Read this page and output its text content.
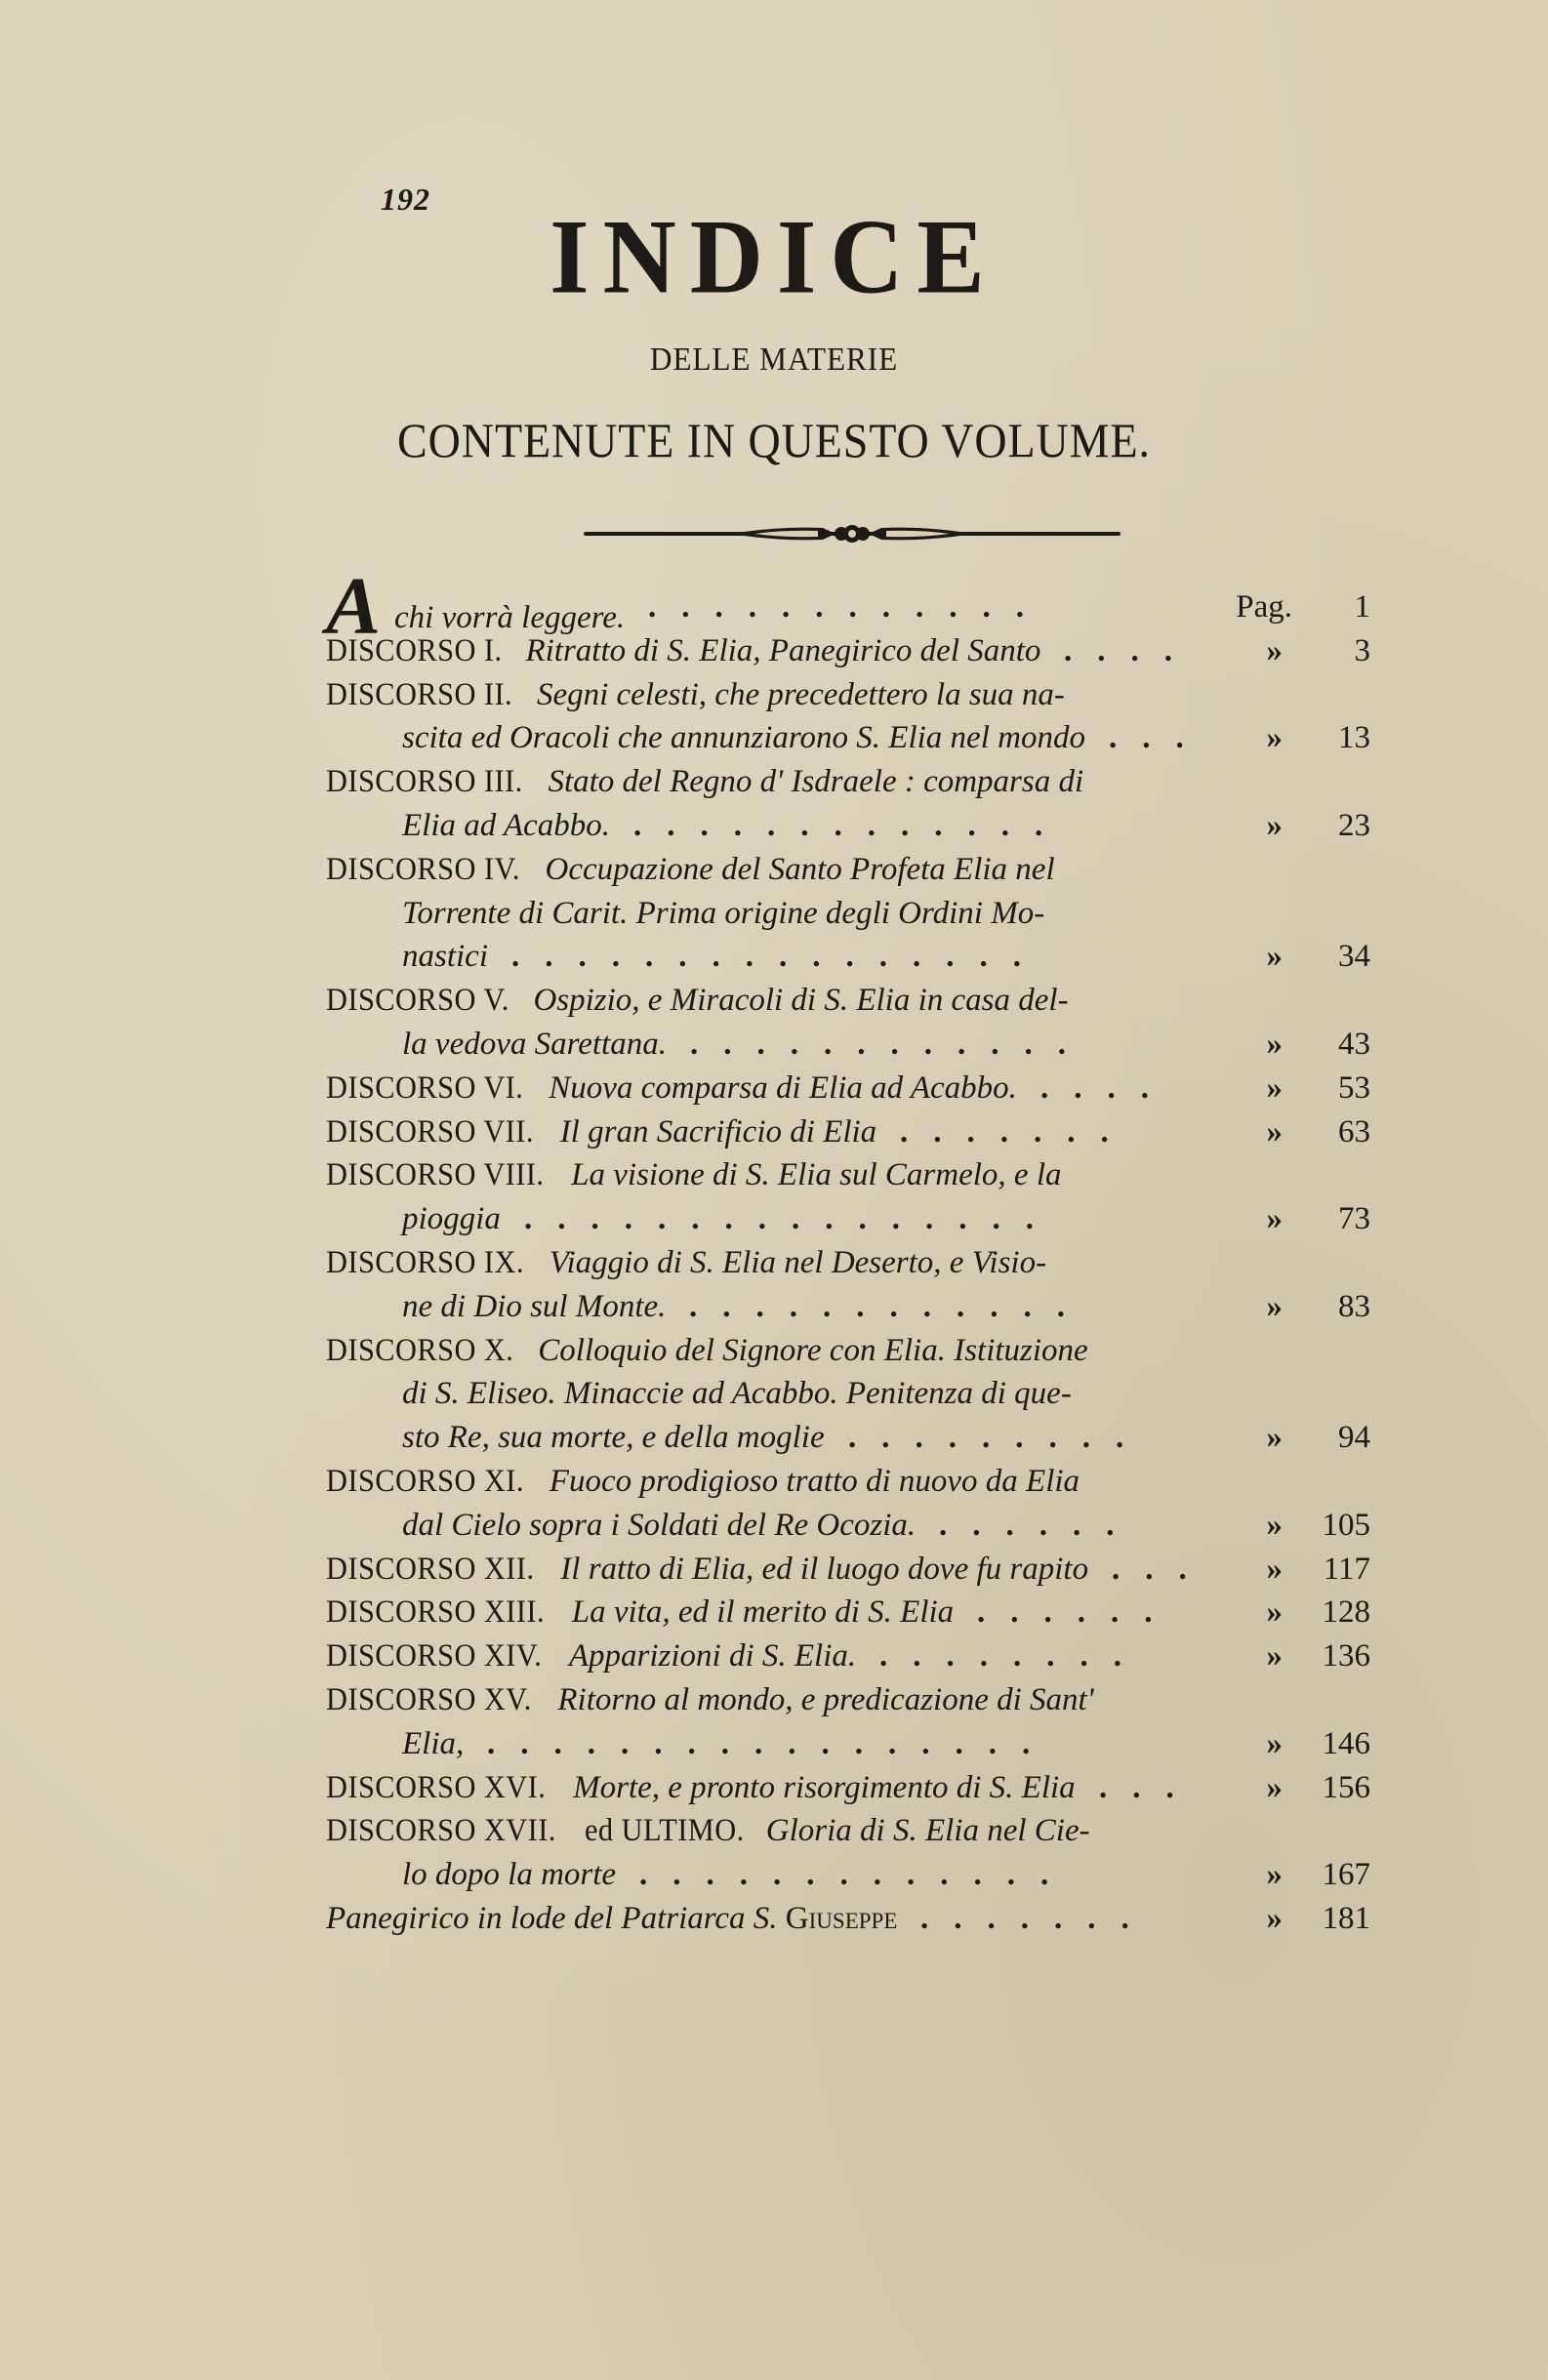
192	INDICE
DELLE MATERIE
CONTENUTE IN QUESTO VOLUME.
Achi vorrà leggere. ............	Pag.	1
DISCORSO I. Ritratto di S. Elia, Panegirico del Santo .... »	3
DISCORSO II. Segni celesti, che precedettero la sua na-
scita ed Oracoli che annunziarono S. Elia nel mondo ... »	13
DISCORSO III. Stato del Regno d' Isdraele : comparsa di
Elia ad Acabbo. .............	»	23
DISCORSO IV. Occupazione del Santo Profeta Elia nel
Torrente di Carit. Prima origine degli Ordini Mo-
nastici ................	»	34
DISCORSO V. Ospizio, e Miracoli di S. Elia in casa del-
la vedova Sarettana. ............	»	43
DISCORSO VI. Nuova comparsa di Elia ad Acabbo. ....	»	53
DISCORSO VII. Il gran Sacrificio di Elia .......	»	63
DISCORSO VIII. La visione di S. Elia sul Carmelo, e la
pioggia ................	»	73
DISCORSO IX. Viaggio di S. Elia nel Deserto, e Visio-
ne di Dio sul Monte. ............	»	83
DISCORSO X. Colloquio del Signore con Elia. Istituzione
di S. Eliseo. Minaccie ad Acabbo. Penitenza di que-
sto Re, sua morte, e della moglie .........	»	94
DISCORSO XI. Fuoco prodigioso tratto di nuovo da Elia
dal Cielo sopra i Soldati del Re Ocozia. ......	»	105
DISCORSO XII. Il ratto di Elia, ed il luogo dove fu rapito ... »	117
DISCORSO XIII. La vita, ed il merito di S. Elia ......	»	128
DISCORSO XIV. Apparizioni di S. Elia. ........	»	136
DISCORSO XV. Ritorno al mondo, e predicazione di Sant'
Elia, .................	»	146
DISCORSO XVI. Morte, e pronto risorgimento di S. Elia ... »	156
DISCORSO XVII. ed ULTIMO. Gloria di S. Elia nel Cie-
lo dopo la morte .............	»	167
Panegirico in lode del Patriarca S. Giuseppe .......	»	181
